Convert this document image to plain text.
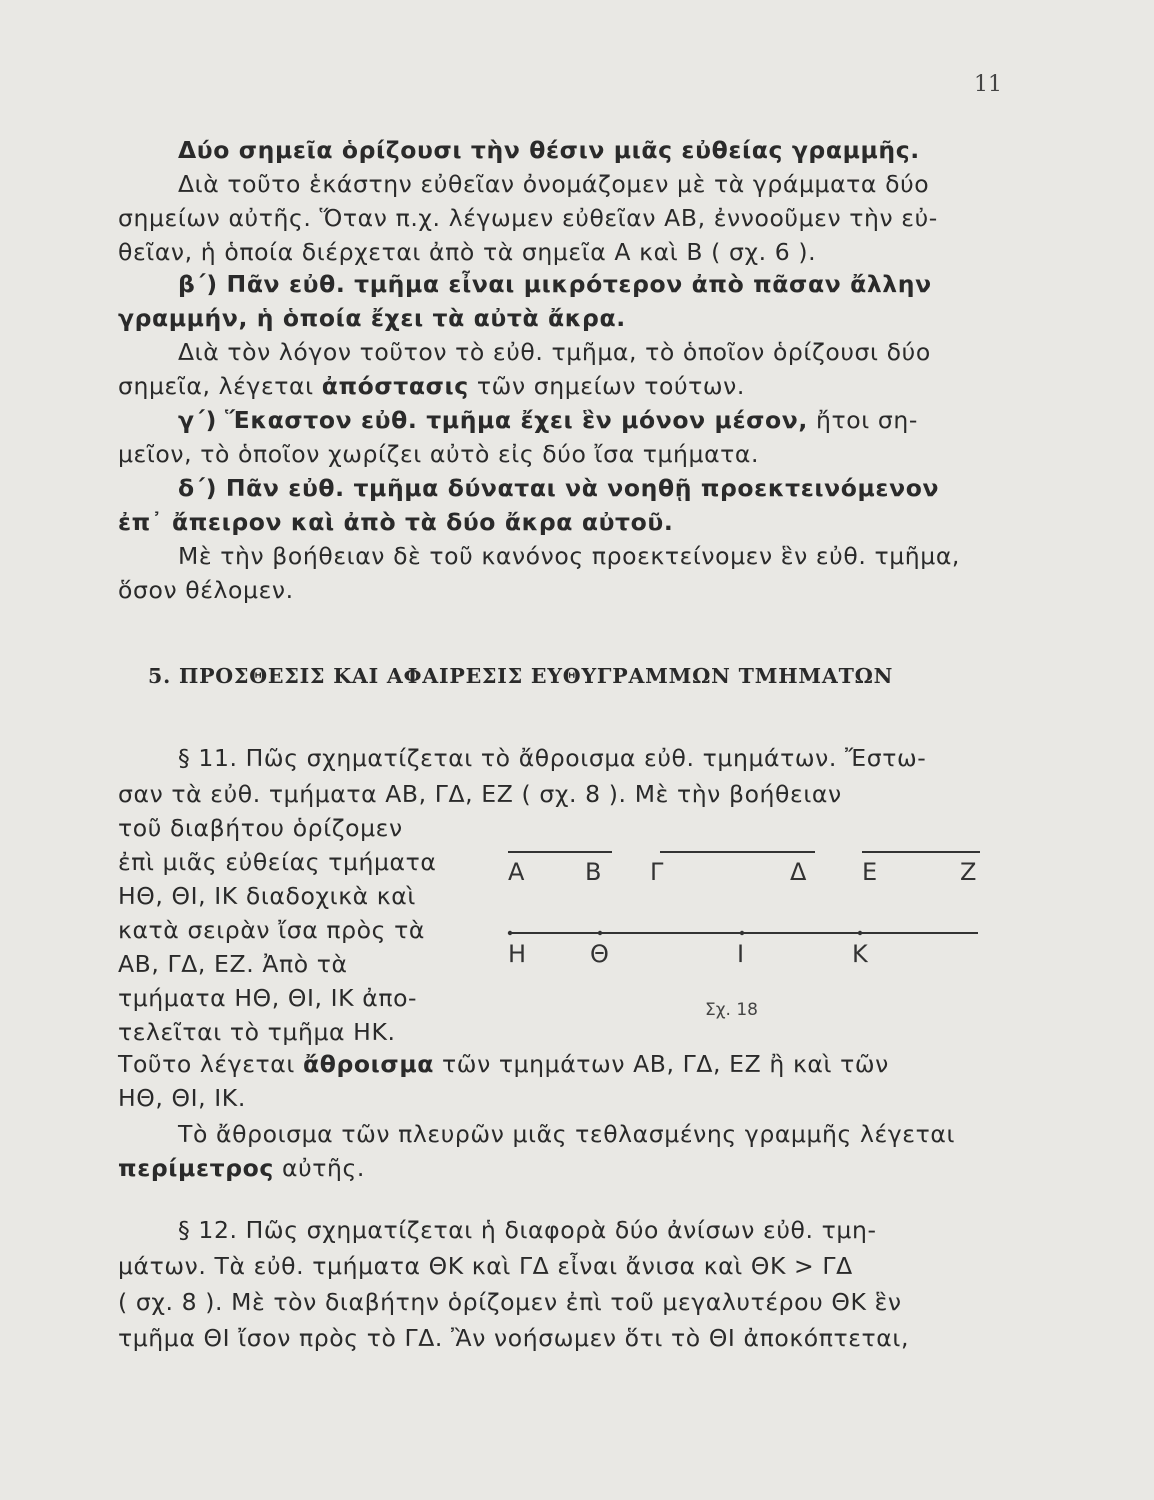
11
Δύο σημεῖα ὁρίζουσι τὴν θέσιν μιᾶς εὐθείας γραμμῆς.
Διὰ τοῦτο ἑκάστην εὐθεῖαν ὀνομάζομεν μὲ τὰ γράμματα δύο
σημείων αὐτῆς. Ὅταν π.χ. λέγωμεν εὐθεῖαν ΑΒ, ἐννοοῦμεν τὴν εὐ-
θεῖαν, ἡ ὁποία διέρχεται ἀπὸ τὰ σημεῖα Α καὶ Β ( σχ. 6 ).
β΄) Πᾶν εὐθ. τμῆμα εἶναι μικρότερον ἀπὸ πᾶσαν ἄλλην
γραμμήν, ἡ ὁποία ἔχει τὰ αὐτὰ ἄκρα.
Διὰ τὸν λόγον τοῦτον τὸ εὐθ. τμῆμα, τὸ ὁποῖον ὁρίζουσι δύο
σημεῖα, λέγεται ἀπόστασις τῶν σημείων τούτων.
γ΄) Ἕκαστον εὐθ. τμῆμα ἔχει ἓν μόνον μέσον, ἤτοι ση-
μεῖον, τὸ ὁποῖον χωρίζει αὐτὸ εἰς δύο ἴσα τμήματα.
δ΄) Πᾶν εὐθ. τμῆμα δύναται νὰ νοηθῇ προεκτεινόμενον
ἐπ᾽ ἄπειρον καὶ ἀπὸ τὰ δύο ἄκρα αὐτοῦ.
Μὲ τὴν βοήθειαν δὲ τοῦ κανόνος προεκτείνομεν ἓν εὐθ. τμῆμα,
ὅσον θέλομεν.
5. ΠΡΟΣΘΕΣΙΣ ΚΑΙ ΑΦΑΙΡΕΣΙΣ ΕΥΘΥΓΡΑΜΜΩΝ ΤΜΗΜΑΤΩΝ
§ 11. Πῶς σχηματίζεται τὸ ἄθροισμα εὐθ. τμημάτων. Ἔστω-
σαν τὰ εὐθ. τμήματα ΑΒ, ΓΔ, ΕΖ ( σχ. 8 ). Μὲ τὴν βοήθειαν
τοῦ διαβήτου ὁρίζομεν
ἐπὶ μιᾶς εὐθείας τμήματα
ΗΘ, ΘΙ, ΙΚ διαδοχικὰ καὶ
κατὰ σειρὰν ἴσα πρὸς τὰ
ΑΒ, ΓΔ, ΕΖ. Ἀπὸ τὰ
τμήματα ΗΘ, ΘΙ, ΙΚ ἀπο-
τελεῖται τὸ τμῆμα ΗΚ.
Α	Β Γ	Δ Ε	Ζ
Η	Θ	Ι	Κ
Σχ. 18
Τοῦτο λέγεται ἄθροισμα τῶν τμημάτων ΑΒ, ΓΔ, ΕΖ ἢ καὶ τῶν
ΗΘ, ΘΙ, ΙΚ.
Τὸ ἄθροισμα τῶν πλευρῶν μιᾶς τεθλασμένης γραμμῆς λέγεται
περίμετρος αὐτῆς.
§ 12. Πῶς σχηματίζεται ἡ διαφορὰ δύο ἀνίσων εὐθ. τμη-
μάτων. Τὰ εὐθ. τμήματα ΘΚ καὶ ΓΔ εἶναι ἄνισα καὶ ΘΚ > ΓΔ
( σχ. 8 ). Μὲ τὸν διαβήτην ὁρίζομεν ἐπὶ τοῦ μεγαλυτέρου ΘΚ ἓν
τμῆμα ΘΙ ἴσον πρὸς τὸ ΓΔ. Ἂν νοήσωμεν ὅτι τὸ ΘΙ ἀποκόπτεται,
